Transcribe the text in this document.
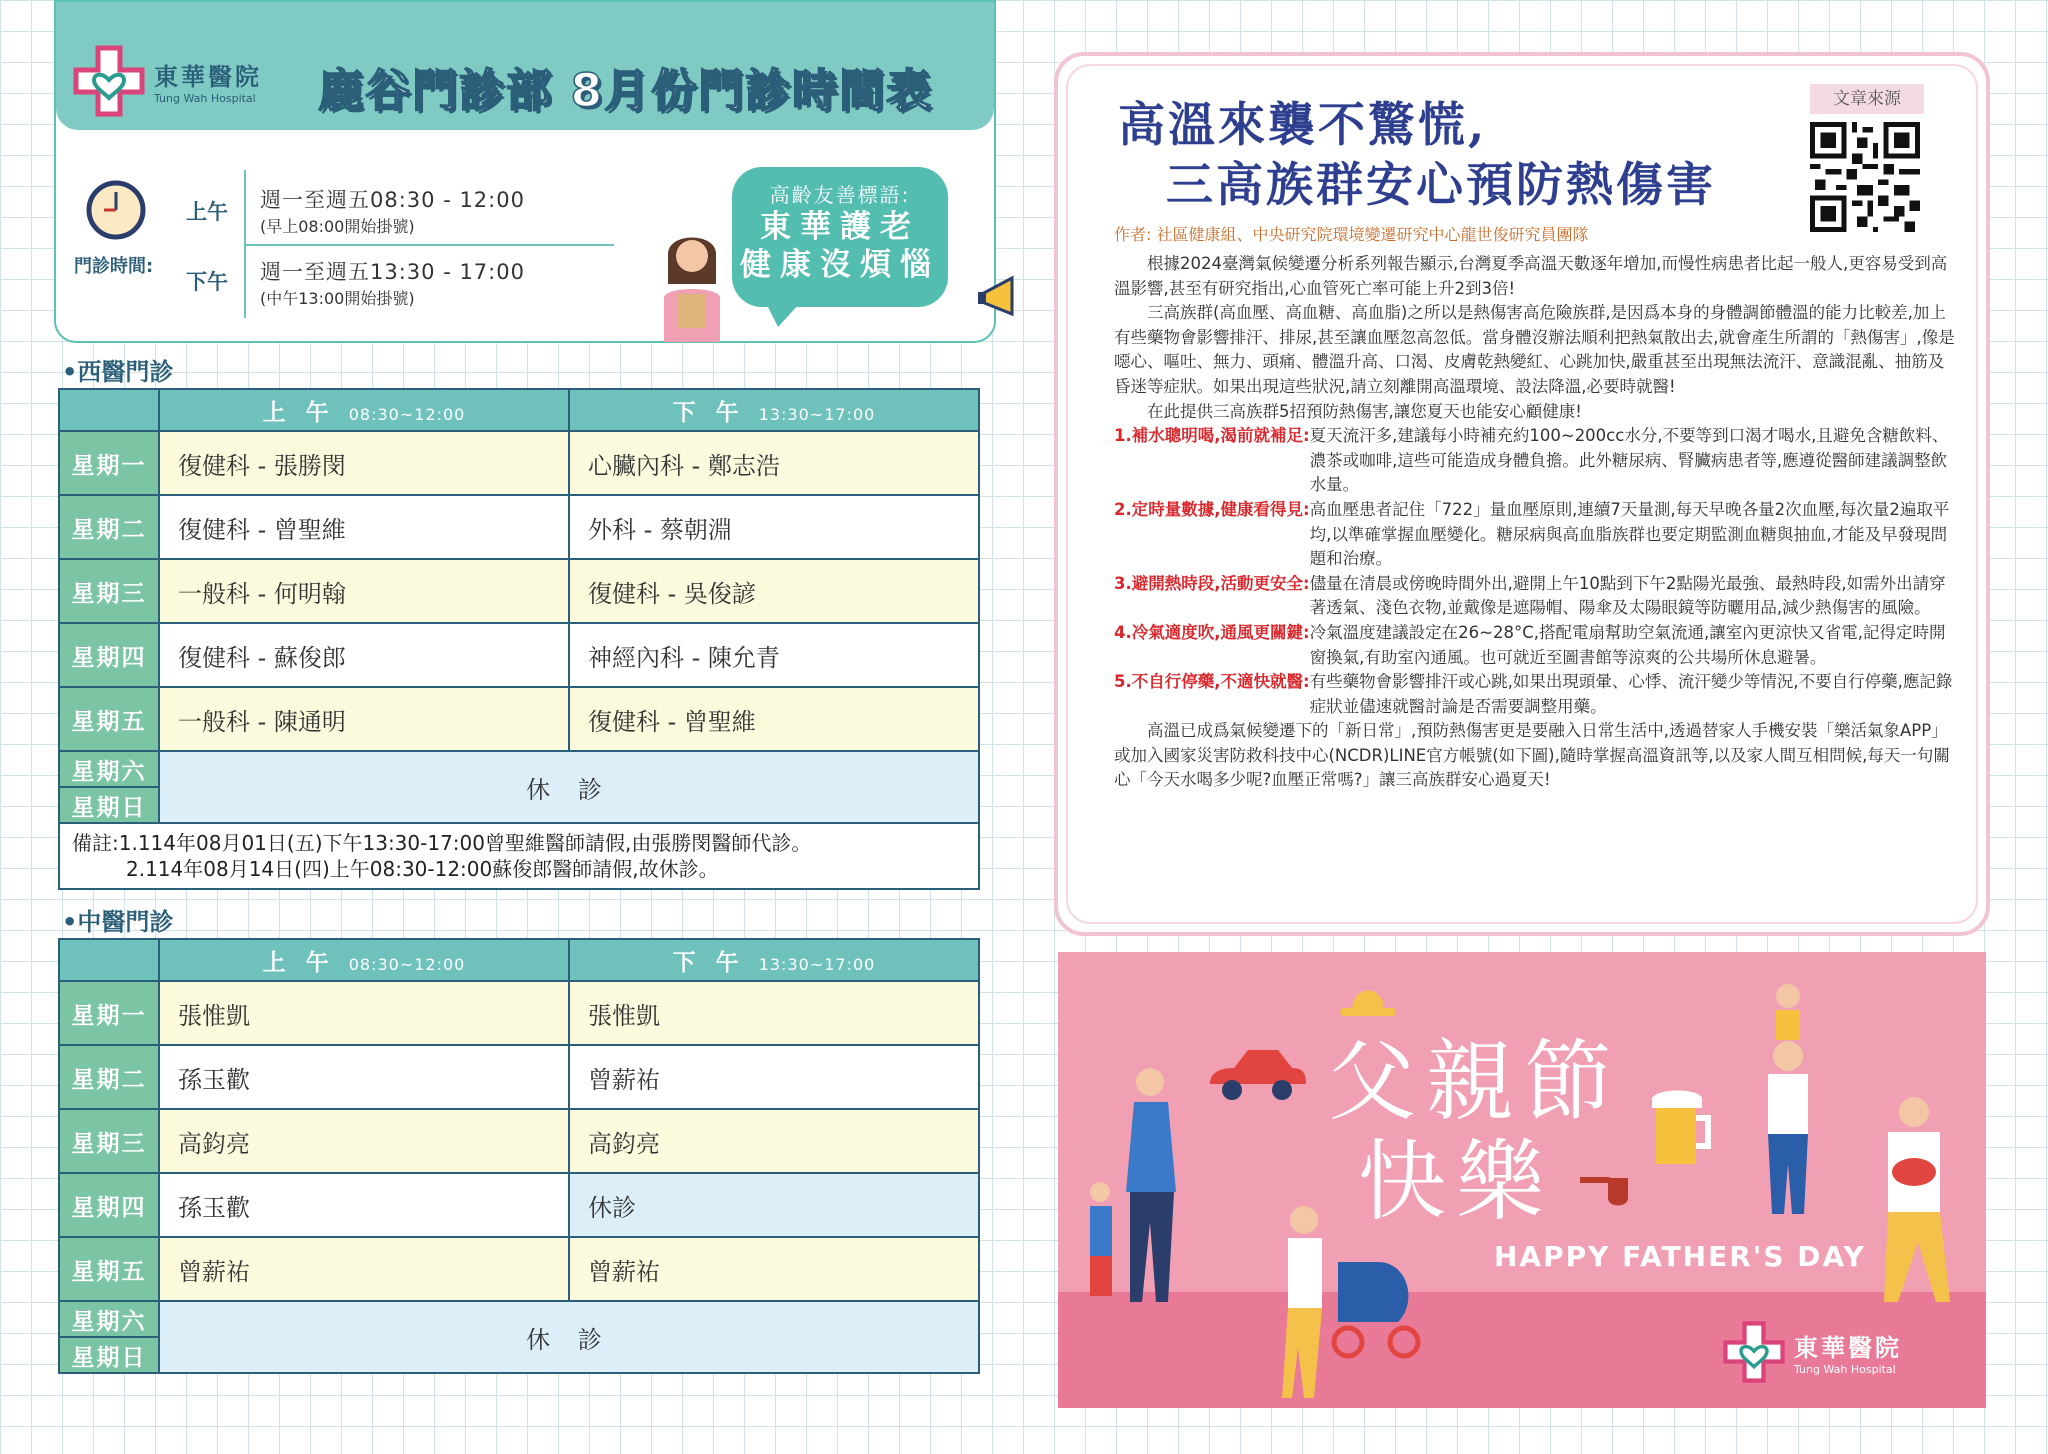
東華醫院
Tung Wah Hospital 鹿谷門診部 8月份門診時間表
門診時間:
上午 週一至週五08:30 - 12:00
(早上08:00開始掛號)
下午 週一至週五13:30 - 17:00
(中午13:00開始掛號)
高齡友善標語:
東華護老
健康沒煩惱
•西醫門診
	上 午 08:30~12:00	下 午 13:30~17:00
星期一	復健科 - 張勝閔	心臟內科 - 鄭志浩
星期二	復健科 - 曾聖維	外科 - 蔡朝淵
星期三	一般科 - 何明翰	復健科 - 吳俊諺
星期四	復健科 - 蘇俊郎	神經內科 - 陳允青
星期五	一般科 - 陳通明	復健科 - 曾聖維
星期六	休 診	
星期日		

備註:1.114年08月01日(五)下午13:30-17:00曾聖維醫師請假,由張勝閔醫師代診。
2.114年08月14日(四)上午08:30-12:00蘇俊郎醫師請假,故休診。		
•中醫門診
	上 午 08:30~12:00	下 午 13:30~17:00
星期一	張惟凱	張惟凱
星期二	孫玉歡	曾薪祐
星期三	高鈞亮	高鈞亮
星期四	孫玉歡	休診
星期五	曾薪祐	曾薪祐
星期六	休 診	
星期日		
高溫來襲不驚慌,
三高族群安心預防熱傷害
文章來源
作者: 社區健康組、中央研究院環境變遷研究中心龍世俊研究員團隊

根據2024臺灣氣候變遷分析系列報告顯示,台灣夏季高溫天數逐年增加,而慢性病患者比起一般人,更容易受到高溫影響,甚至有研究指出,心血管死亡率可能上升2到3倍!

三高族群(高血壓、高血糖、高血脂)之所以是熱傷害高危險族群,是因爲本身的身體調節體溫的能力比較差,加上有些藥物會影響排汗、排尿,甚至讓血壓忽高忽低。當身體沒辦法順利把熱氣散出去,就會產生所謂的「熱傷害」,像是噁心、嘔吐、無力、頭痛、體溫升高、口渴、皮膚乾熱變紅、心跳加快,嚴重甚至出現無法流汗、意識混亂、抽筋及昏迷等症狀。如果出現這些狀況,請立刻離開高溫環境、設法降溫,必要時就醫!

在此提供三高族群5招預防熱傷害,讓您夏天也能安心顧健康!

1.補水聰明喝,渴前就補足: 夏天流汗多,建議每小時補充約100~200cc水分,不要等到口渴才喝水,且避免含糖飲料、濃茶或咖啡,這些可能造成身體負擔。此外糖尿病、腎臟病患者等,應遵從醫師建議調整飲水量。
2.定時量數據,健康看得見: 高血壓患者記住「722」量血壓原則,連續7天量測,每天早晚各量2次血壓,每次量2遍取平均,以準確掌握血壓變化。糖尿病與高血脂族群也要定期監測血糖與抽血,才能及早發現問題和治療。
3.避開熱時段,活動更安全: 儘量在清晨或傍晚時間外出,避開上午10點到下午2點陽光最強、最熱時段,如需外出請穿著透氣、淺色衣物,並戴像是遮陽帽、陽傘及太陽眼鏡等防曬用品,減少熱傷害的風險。
4.冷氣適度吹,通風更關鍵: 冷氣溫度建議設定在26~28°C,搭配電扇幫助空氣流通,讓室內更涼快又省電,記得定時開窗換氣,有助室內通風。也可就近至圖書館等涼爽的公共場所休息避暑。
5.不自行停藥,不適快就醫: 有些藥物會影響排汗或心跳,如果出現頭暈、心悸、流汗變少等情況,不要自行停藥,應記錄症狀並儘速就醫討論是否需要調整用藥。

高溫已成爲氣候變遷下的「新日常」,預防熱傷害更是要融入日常生活中,透過替家人手機安裝「樂活氣象APP」或加入國家災害防救科技中心(NCDR)LINE官方帳號(如下圖),隨時掌握高溫資訊等,以及家人間互相問候,每天一句關心「今天水喝多少呢?血壓正常嗎?」讓三高族群安心過夏天!

父親節
快樂
HAPPY FATHER'S DAY
東華醫院
Tung Wah Hospital
